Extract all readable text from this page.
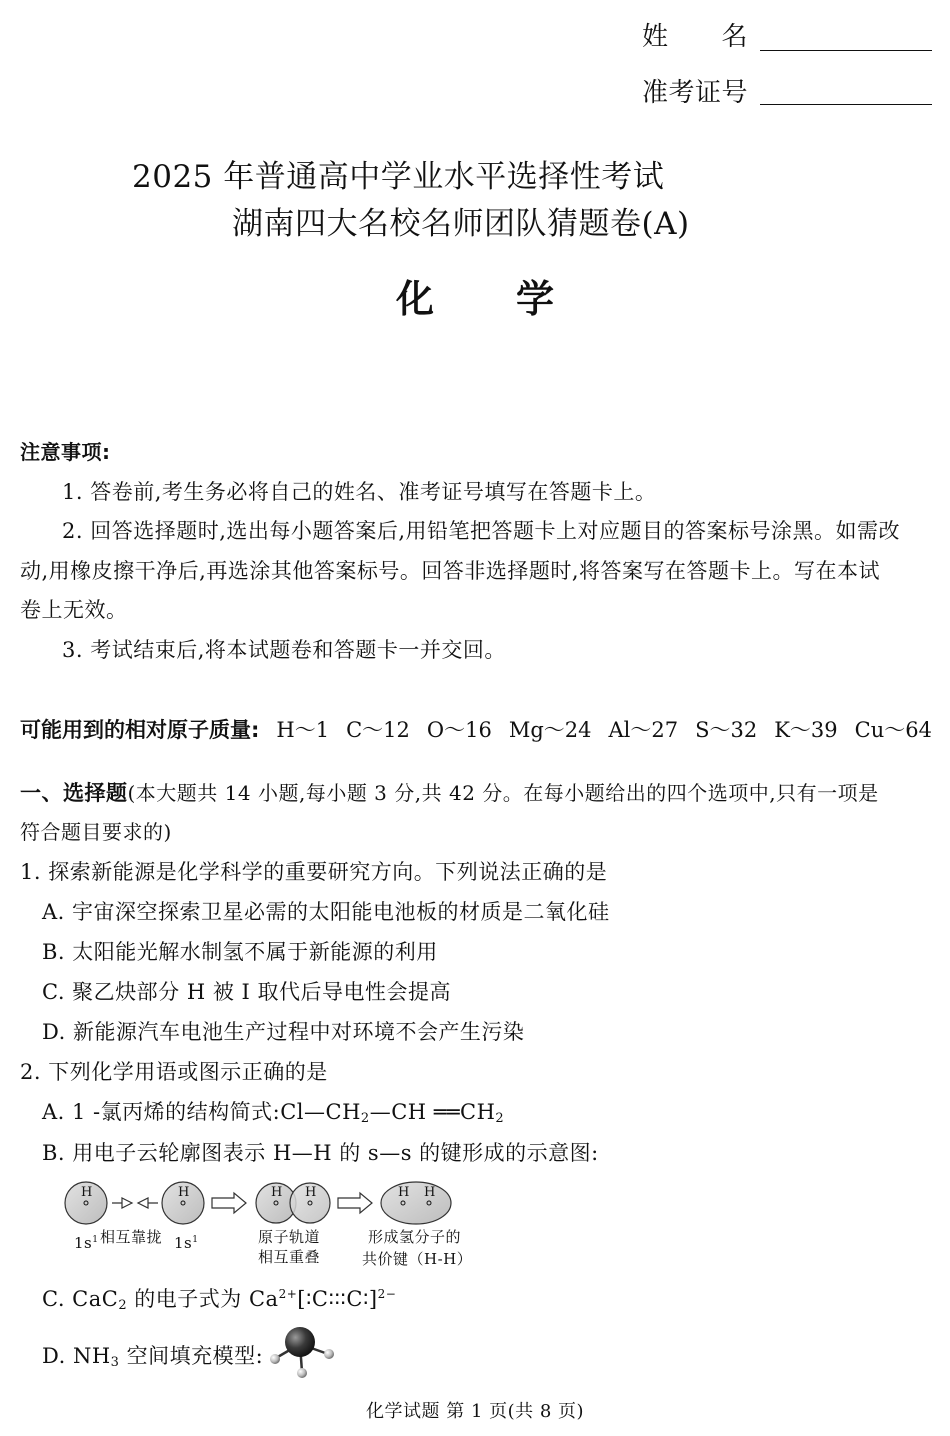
姓　　名
准考证号
2025 年普通高中学业水平选择性考试
湖南四大名校名师团队猜题卷(A)
化　　学
注意事项:
1. 答卷前,考生务必将自己的姓名、准考证号填写在答题卡上。
2. 回答选择题时,选出每小题答案后,用铅笔把答题卡上对应题目的答案标号涂黑。如需改
动,用橡皮擦干净后,再选涂其他答案标号。回答非选择题时,将答案写在答题卡上。写在本试
卷上无效。
3. 考试结束后,将本试题卷和答题卡一并交回。
可能用到的相对原子质量: H～1 C～12 O～16 Mg～24 Al～27 S～32 K～39 Cu～64
一、选择题(本大题共 14 小题,每小题 3 分,共 42 分。在每小题给出的四个选项中,只有一项是
符合题目要求的)
1. 探索新能源是化学科学的重要研究方向。下列说法正确的是
A. 宇宙深空探索卫星必需的太阳能电池板的材质是二氧化硅
B. 太阳能光解水制氢不属于新能源的利用
C. 聚乙炔部分 H 被 I 取代后导电性会提高
D. 新能源汽车电池生产过程中对环境不会产生污染
2. 下列化学用语或图示正确的是
A. 1 -氯丙烯的结构简式$:Cl—CH_2—CH$ $══CH_2$
B. 用电子云轮廓图表示 H—H 的 s—s 的键形成的示意图:
H	H	H H	H H
$1s^1$ 相互靠拢 $1s^1$	原子轨道
相互重叠
形成氢分子的
共价键（H-H）
C. CaC$_2$ 的电子式为 $Ca^{2+}[∶C∶∶∶C∶]^{2-}$
D. $NH_3$ 空间填充模型:
化学试题 第 1 页(共 8 页)
